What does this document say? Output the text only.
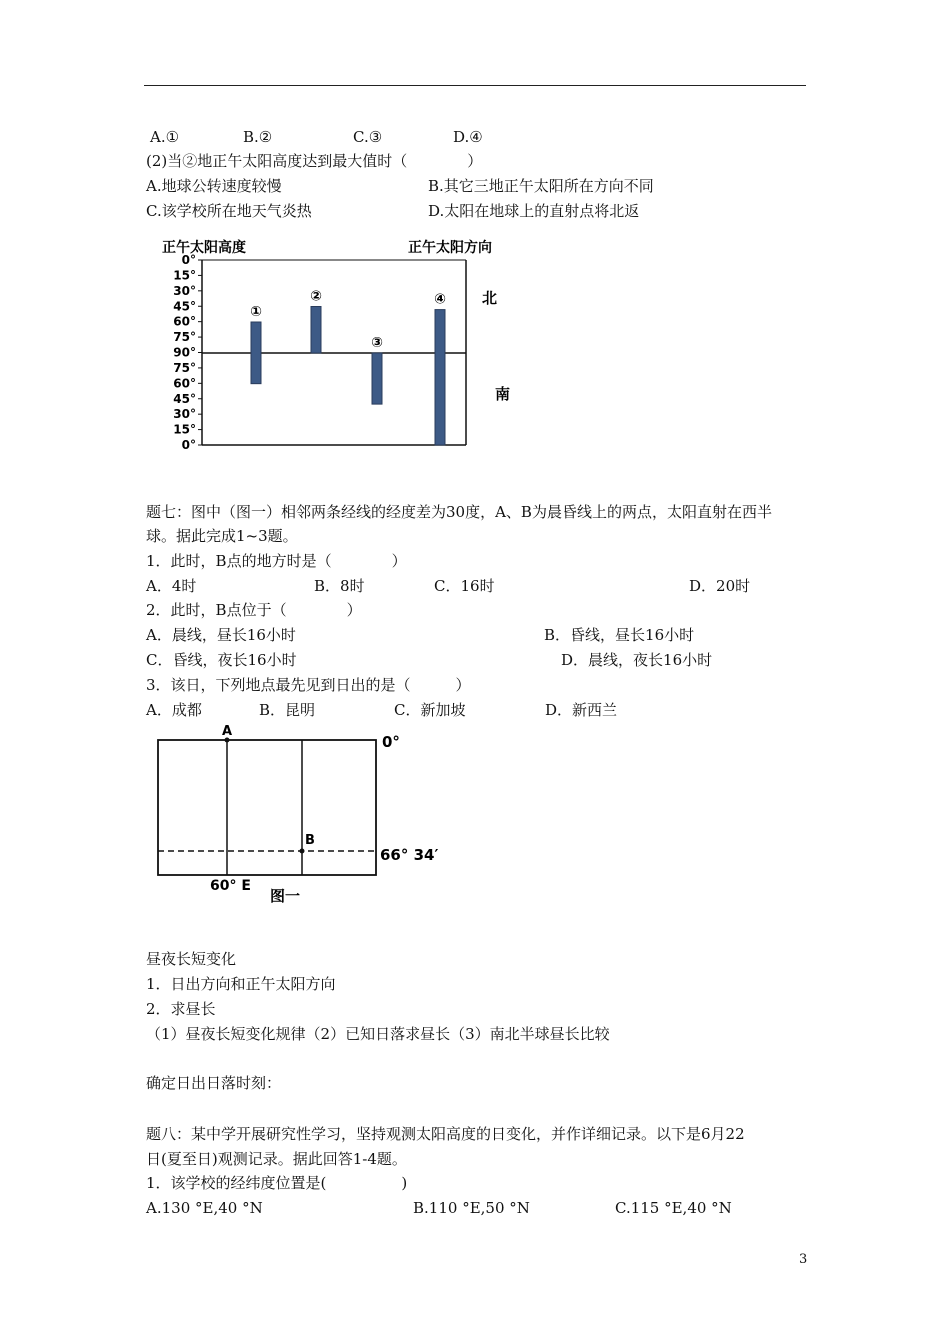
A.①	B.②	C.③	D.④
(2)当②地正午太阳高度达到最大值时（　　　　）
A.地球公转速度较慢	B.其它三地正午太阳所在方向不同
C.该学校所在地天气炎热	D.太阳在地球上的直射点将北返
正午太阳高度	正午太阳方向
0°
15°
30°
45°
60°
75°
90°
75°
60°
45°
30°
15°
0°
①
②
③
④ 北
南
题七：图中（图一）相邻两条经线的经度差为30度，A、B为晨昏线上的两点，太阳直射在西半
球。据此完成1~3题。
1．此时，B点的地方时是（　　　　）
A．4时	B．8时	C．16时	D．20时
2．此时，B点位于（　　　　）
A．晨线，昼长16小时	B．昏线，昼长16小时
C．昏线，夜长16小时	D．晨线，夜长16小时
3．该日，下列地点最先见到日出的是（　　　）
A．成都	B．昆明	C．新加坡	D．新西兰
A
B
0°
66° 34′
60° E
图一
昼夜长短变化
1．日出方向和正午太阳方向
2．求昼长
（1）昼夜长短变化规律（2）已知日落求昼长（3）南北半球昼长比较
确定日出日落时刻：
题八：某中学开展研究性学习，坚持观测太阳高度的日变化，并作详细记录。以下是6月22
日(夏至日)观测记录。据此回答1-4题。
1．该学校的经纬度位置是(　　　　　)
A.130 °E,40 °N	B.110 °E,50 °N	C.115 °E,40 °N
3
